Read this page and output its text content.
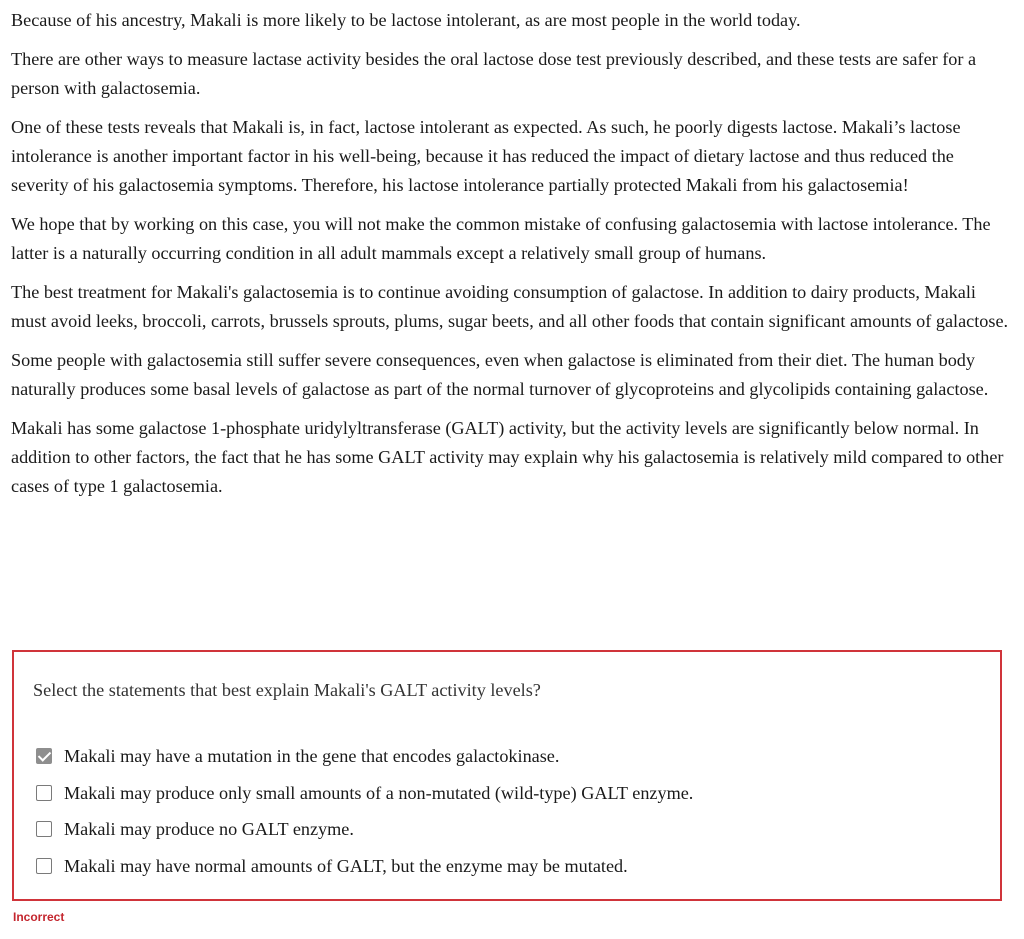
Because of his ancestry, Makali is more likely to be lactose intolerant, as are most people in the world today.

There are other ways to measure lactase activity besides the oral lactose dose test previously described, and these tests are safer for a person with galactosemia.

One of these tests reveals that Makali is, in fact, lactose intolerant as expected. As such, he poorly digests lactose. Makali’s lactose intolerance is another important factor in his well-being, because it has reduced the impact of dietary lactose and thus reduced the severity of his galactosemia symptoms. Therefore, his lactose intolerance partially protected Makali from his galactosemia!

We hope that by working on this case, you will not make the common mistake of confusing galactosemia with lactose intolerance. The latter is a naturally occurring condition in all adult mammals except a relatively small group of humans.

The best treatment for Makali's galactosemia is to continue avoiding consumption of galactose. In addition to dairy products, Makali must avoid leeks, broccoli, carrots, brussels sprouts, plums, sugar beets, and all other foods that contain significant amounts of galactose.

Some people with galactosemia still suffer severe consequences, even when galactose is eliminated from their diet. The human body naturally produces some basal levels of galactose as part of the normal turnover of glycoproteins and glycolipids containing galactose.

Makali has some galactose 1-phosphate uridylyltransferase (GALT) activity, but the activity levels are significantly below normal. In addition to other factors, the fact that he has some GALT activity may explain why his galactosemia is relatively mild compared to other cases of type 1 galactosemia.

Select the statements that best explain Makali's GALT activity levels?
Makali may have a mutation in the gene that encodes galactokinase.
Makali may produce only small amounts of a non-mutated (wild-type) GALT enzyme.
Makali may produce no GALT enzyme.
Makali may have normal amounts of GALT, but the enzyme may be mutated.
Incorrect
